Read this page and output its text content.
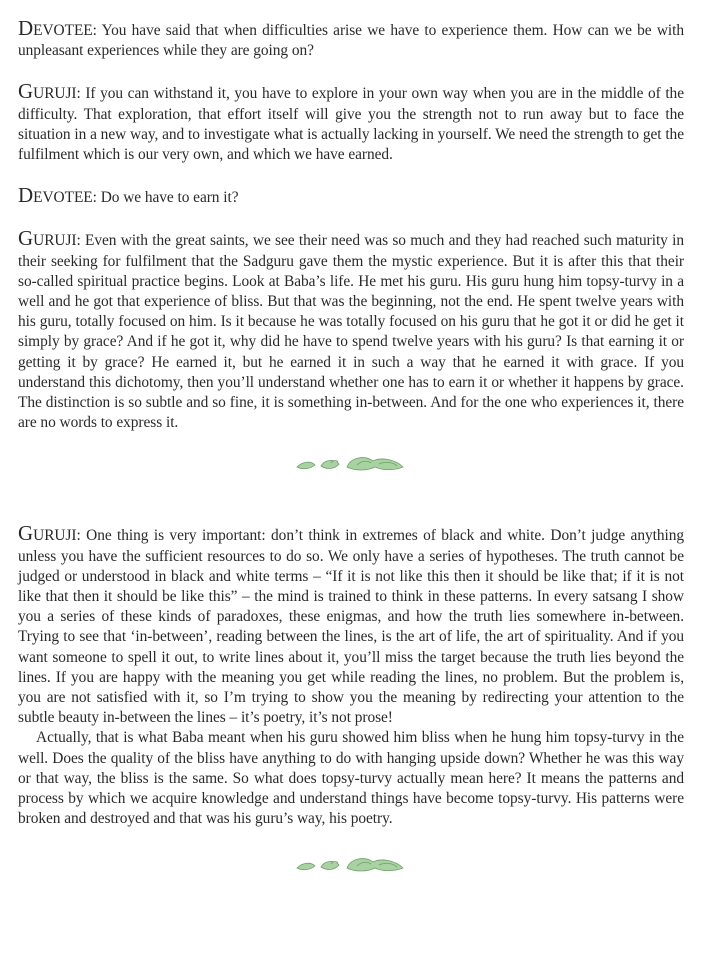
DEVOTEE: You have said that when difficulties arise we have to experience them. How can we be with unpleasant experiences while they are going on?

GURUJI: If you can withstand it, you have to explore in your own way when you are in the middle of the difficulty. That exploration, that effort itself will give you the strength not to run away but to face the situation in a new way, and to investigate what is actually lacking in yourself. We need the strength to get the fulfilment which is our very own, and which we have earned.

DEVOTEE: Do we have to earn it?

GURUJI: Even with the great saints, we see their need was so much and they had reached such maturity in their seeking for fulfilment that the Sadguru gave them the mystic experience. But it is after this that their so-called spiritual practice begins. Look at Baba’s life. He met his guru. His guru hung him topsy-turvy in a well and he got that experience of bliss. But that was the beginning, not the end. He spent twelve years with his guru, totally focused on him. Is it because he was totally focused on his guru that he got it or did he get it simply by grace? And if he got it, why did he have to spend twelve years with his guru? Is that earning it or getting it by grace? He earned it, but he earned it in such a way that he earned it with grace. If you understand this dichotomy, then you’ll understand whether one has to earn it or whether it happens by grace. The distinction is so subtle and so fine, it is something in-between. And for the one who experiences it, there are no words to express it.

GURUJI: One thing is very important: don’t think in extremes of black and white. Don’t judge anything unless you have the sufficient resources to do so. We only have a series of hypotheses. The truth cannot be judged or understood in black and white terms – “If it is not like this then it should be like that; if it is not like that then it should be like this” – the mind is trained to think in these patterns. In every satsang I show you a series of these kinds of paradoxes, these enigmas, and how the truth lies somewhere in-between. Trying to see that ‘in-between’, reading between the lines, is the art of life, the art of spirituality. And if you want someone to spell it out, to write lines about it, you’ll miss the target because the truth lies beyond the lines. If you are happy with the meaning you get while reading the lines, no problem. But the problem is, you are not satisfied with it, so I’m trying to show you the meaning by redirecting your attention to the subtle beauty in-between the lines – it’s poetry, it’s not prose!

Actually, that is what Baba meant when his guru showed him bliss when he hung him topsy-turvy in the well. Does the quality of the bliss have anything to do with hanging upside down? Whether he was this way or that way, the bliss is the same. So what does topsy-turvy actually mean here? It means the patterns and process by which we acquire knowledge and understand things have become topsy-turvy. His patterns were broken and destroyed and that was his guru’s way, his poetry.
